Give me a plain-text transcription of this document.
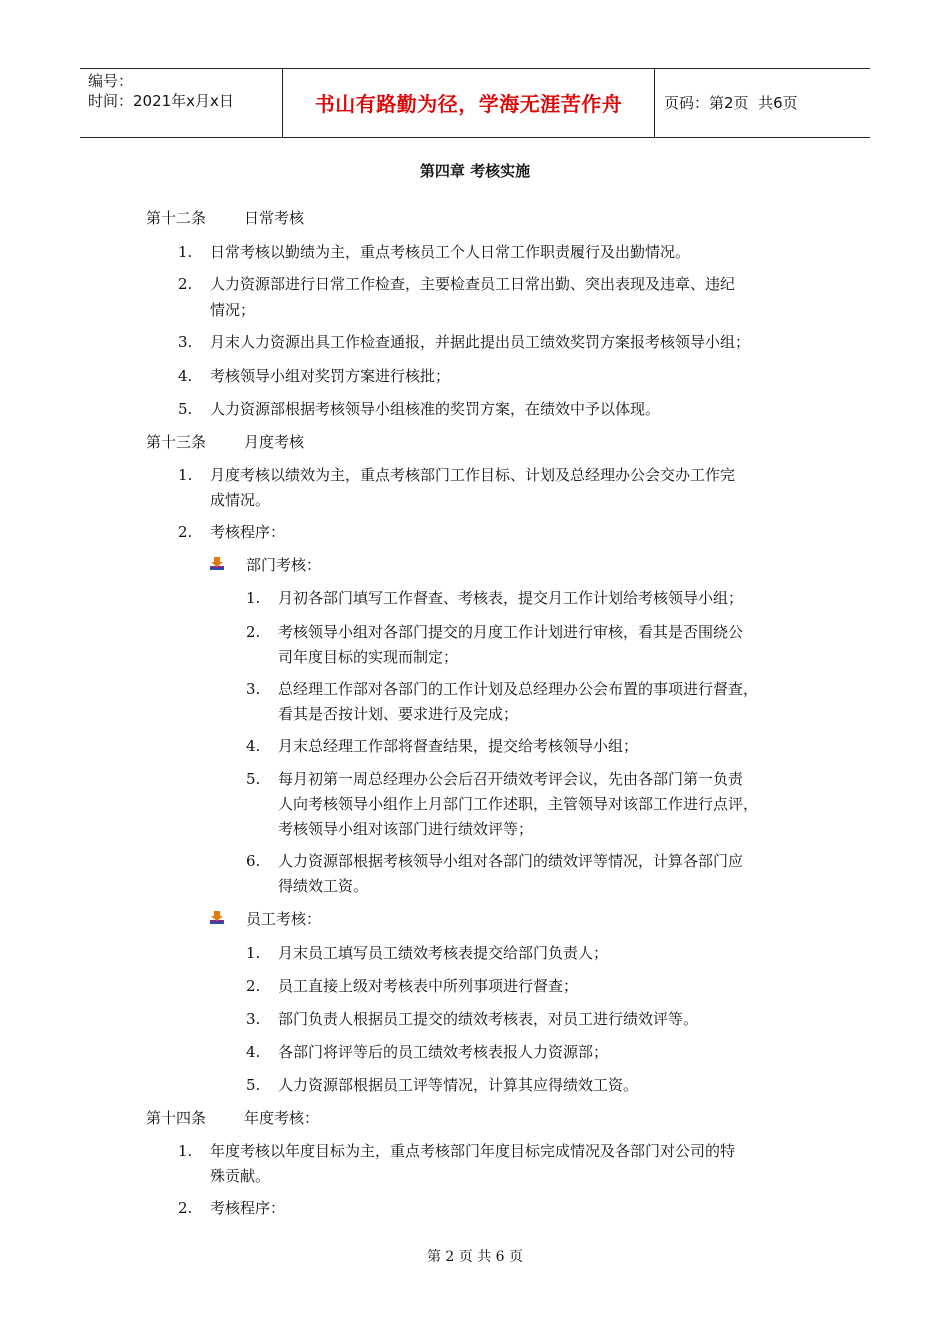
编号：
时间：2021年x月x日	书山有路勤为径，学海无涯苦作舟	页码：第2页  共6页
第四章 考核实施
第十二条	日常考核
1. 日常考核以勤绩为主，重点考核员工个人日常工作职责履行及出勤情况。
2. 人力资源部进行日常工作检查，主要检查员工日常出勤、突出表现及违章、违纪
情况；
3. 月末人力资源出具工作检查通报，并据此提出员工绩效奖罚方案报考核领导小组；
4. 考核领导小组对奖罚方案进行核批；
5. 人力资源部根据考核领导小组核准的奖罚方案，在绩效中予以体现。
第十三条	月度考核
1. 月度考核以绩效为主，重点考核部门工作目标、计划及总经理办公会交办工作完
成情况。
2. 考核程序：
部门考核：
1. 月初各部门填写工作督查、考核表，提交月工作计划给考核领导小组；
2. 考核领导小组对各部门提交的月度工作计划进行审核，看其是否围绕公
司年度目标的实现而制定；
3. 总经理工作部对各部门的工作计划及总经理办公会布置的事项进行督查，
看其是否按计划、要求进行及完成；
4. 月末总经理工作部将督查结果，提交给考核领导小组；
5. 每月初第一周总经理办公会后召开绩效考评会议，先由各部门第一负责
人向考核领导小组作上月部门工作述职，主管领导对该部工作进行点评，
考核领导小组对该部门进行绩效评等；
6. 人力资源部根据考核领导小组对各部门的绩效评等情况，计算各部门应
得绩效工资。
员工考核：
1. 月末员工填写员工绩效考核表提交给部门负责人；
2. 员工直接上级对考核表中所列事项进行督查；
3. 部门负责人根据员工提交的绩效考核表，对员工进行绩效评等。
4. 各部门将评等后的员工绩效考核表报人力资源部；
5. 人力资源部根据员工评等情况，计算其应得绩效工资。
第十四条	年度考核：
1. 年度考核以年度目标为主，重点考核部门年度目标完成情况及各部门对公司的特
殊贡献。
2. 考核程序：
第 2 页 共 6 页
